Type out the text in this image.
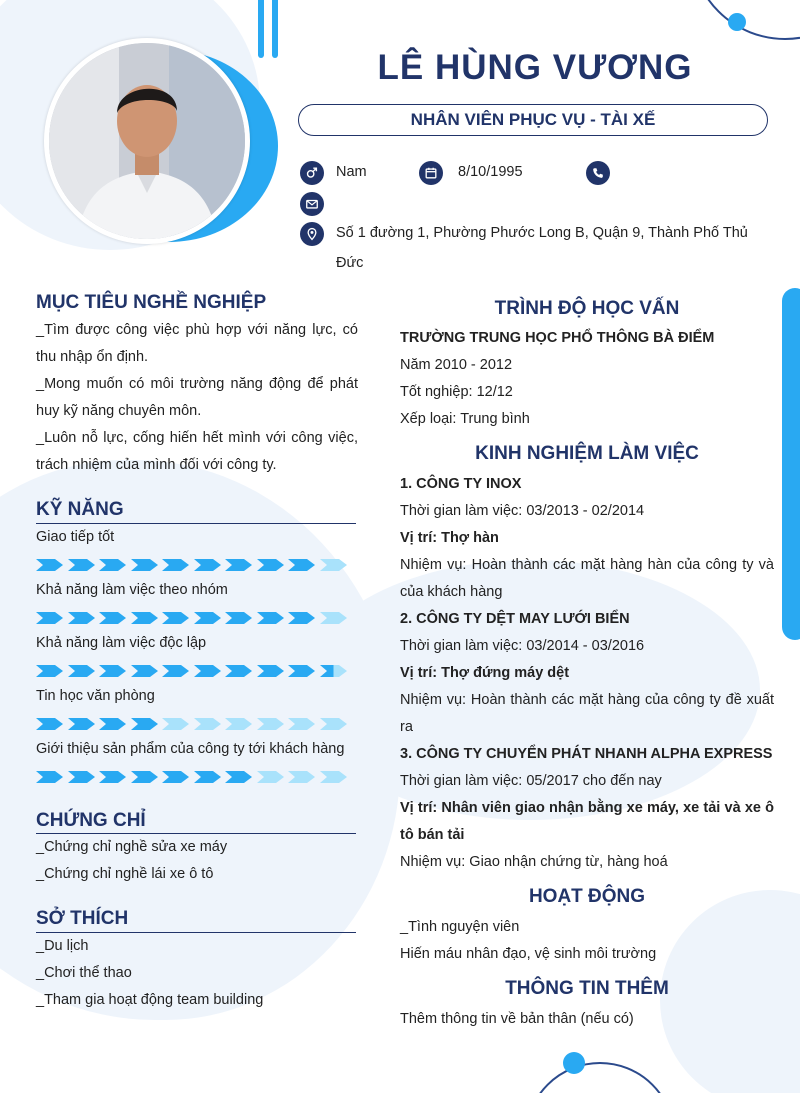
LÊ HÙNG VƯƠNG
NHÂN VIÊN PHỤC VỤ - TÀI XẾ
Nam	8/10/1995
Số 1 đường 1, Phường Phước Long B, Quận 9, Thành Phố Thủ
Đức
MỤC TIÊU NGHỀ NGHIỆP

_Tìm được công việc phù hợp với năng lực, có thu nhập ổn định.

_Mong muốn có môi trường năng động để phát huy kỹ năng chuyên môn.

_Luôn nỗ lực, cống hiến hết mình với công việc, trách nhiệm của mình đối với công ty.

KỸ NĂNG
Giao tiếp tốt
Khả năng làm việc theo nhóm
Khả năng làm việc độc lập
Tin học văn phòng
Giới thiệu sản phẩm của công ty tới khách hàng
CHỨNG CHỈ
_Chứng chỉ nghề sửa xe máy
_Chứng chỉ nghề lái xe ô tô
SỞ THÍCH
_Du lịch
_Chơi thể thao
_Tham gia hoạt động team building
TRÌNH ĐỘ HỌC VẤN
TRƯỜNG TRUNG HỌC PHỔ THÔNG BÀ ĐIỂM
Năm 2010 - 2012
Tốt nghiệp: 12/12
Xếp loại: Trung bình
KINH NGHIỆM LÀM VIỆC
1. CÔNG TY INOX
Thời gian làm việc: 03/2013 - 02/2014
Vị trí: Thợ hàn

Nhiệm vụ: Hoàn thành các mặt hàng hàn của công ty và của khách hàng

2. CÔNG TY DỆT MAY LƯỚI BIỂN
Thời gian làm việc: 03/2014 - 03/2016
Vị trí: Thợ đứng máy dệt

Nhiệm vụ: Hoàn thành các mặt hàng của công ty đề xuất ra

3. CÔNG TY CHUYỂN PHÁT NHANH ALPHA EXPRESS
Thời gian làm việc: 05/2017 cho đến nay

Vị trí: Nhân viên giao nhận bằng xe máy, xe tải và xe ô tô bán tải

Nhiệm vụ: Giao nhận chứng từ, hàng hoá
HOẠT ĐỘNG
_Tình nguyện viên
Hiến máu nhân đạo, vệ sinh môi trường
THÔNG TIN THÊM
Thêm thông tin về bản thân (nếu có)
